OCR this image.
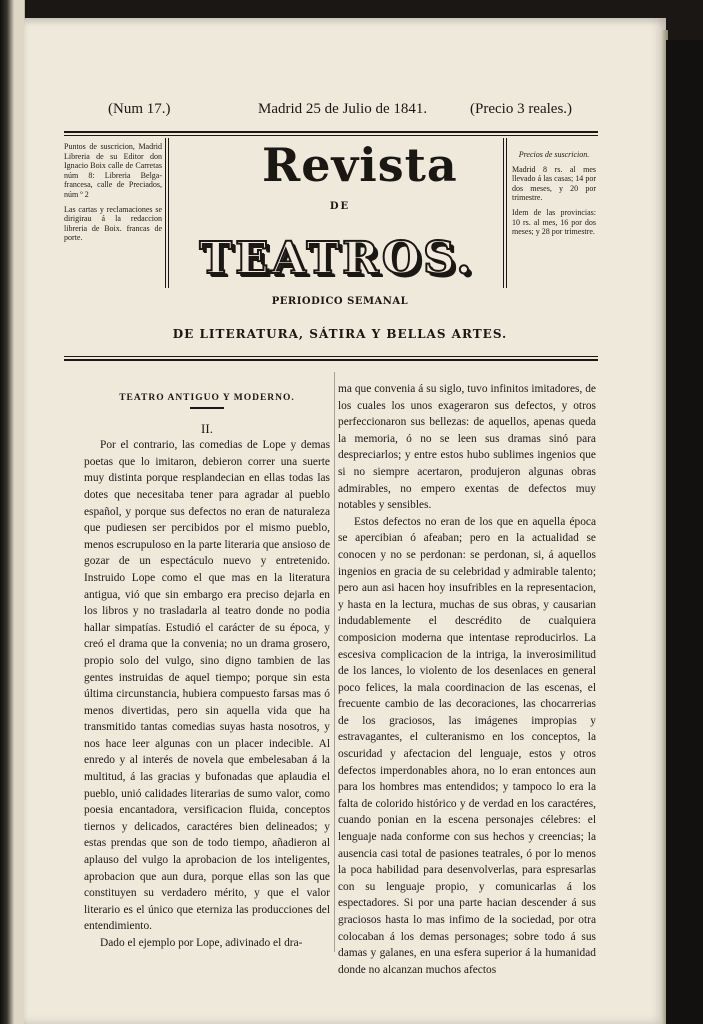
(Num 17.)	Madrid 25 de Julio de 1841.	(Precio 3 reales.)

Puntos de suscricion, Madrid Libreria de su Editor don Ignacio Boix calle de Carretas núm 8: Libreria Belga-francesa, calle de Preciados, núm º 2

Las cartas y reclamaciones se dirigirau á la redaccion libreria de Boix. francas de porte.

Precios de suscricion.

Madrid 8 rs. al mes llevado á las casas; 14 por dos meses, y 20 por trimestre.

Idem de las provincias: 10 rs. al mes, 16 por dos meses; y 28 por trimestre.

Revista
DE
TEATROS.
PERIODICO SEMANAL
DE LITERATURA, SÁTIRA Y BELLAS ARTES.

TEATRO ANTIGUO Y MODERNO.

II.

Por el contrario, las comedias de Lope y demas poetas que lo imitaron, debieron correr una suerte muy distinta porque resplandecian en ellas todas las dotes que necesitaba tener para agradar al pueblo español, y porque sus defectos no eran de naturaleza que pudiesen ser percibidos por el mismo pueblo, menos escrupuloso en la parte literaria que ansioso de gozar de un espectáculo nuevo y entretenido. Instruido Lope como el que mas en la literatura antigua, vió que sin embargo era preciso dejarla en los libros y no trasladarla al teatro donde no podia hallar simpatías. Estudió el carácter de su época, y creó el drama que la convenia; no un drama grosero, propio solo del vulgo, sino digno tambien de las gentes instruidas de aquel tiempo; porque sin esta última circunstancia, hubiera compuesto farsas mas ó menos divertidas, pero sin aquella vida que ha transmitido tantas comedias suyas hasta nosotros, y nos hace leer algunas con un placer indecible. Al enredo y al interés de novela que embelesaban á la multitud, á las gracias y bufonadas que aplaudia el pueblo, unió calidades literarias de sumo valor, como poesia encantadora, versificacion fluida, conceptos tiernos y delicados, caractéres bien delineados; y estas prendas que son de todo tiempo, añadieron al aplauso del vulgo la aprobacion de los inteligentes, aprobacion que aun dura, porque ellas son las que constituyen su verdadero mérito, y que el valor literario es el único que eterniza las producciones del entendimiento.

Dado el ejemplo por Lope, adivinado el dra-

ma que convenia á su siglo, tuvo infinitos imitadores, de los cuales los unos exageraron sus defectos, y otros perfeccionaron sus bellezas: de aquellos, apenas queda la memoria, ó no se leen sus dramas sinó para despreciarlos; y entre estos hubo sublimes ingenios que si no siempre acertaron, produjeron algunas obras admirables, no empero exentas de defectos muy notables y sensibles.

Estos defectos no eran de los que en aquella época se apercibian ó afeaban; pero en la actualidad se conocen y no se perdonan: se perdonan, si, á aquellos ingenios en gracia de su celebridad y admirable talento; pero aun asi hacen hoy insufribles en la representacion, y hasta en la lectura, muchas de sus obras, y causarian indudablemente el descrédito de cualquiera composicion moderna que intentase reproducirlos. La escesiva complicacion de la intriga, la inverosimilitud de los lances, lo violento de los desenlaces en general poco felices, la mala coordinacion de las escenas, el frecuente cambio de las decoraciones, las chocarrerias de los graciosos, las imágenes impropias y estravagantes, el culteranismo en los conceptos, la oscuridad y afectacion del lenguaje, estos y otros defectos imperdonables ahora, no lo eran entonces aun para los hombres mas entendidos; y tampoco lo era la falta de colorido histórico y de verdad en los caractéres, cuando ponian en la escena personajes célebres: el lenguaje nada conforme con sus hechos y creencias; la ausencia casi total de pasiones teatrales, ó por lo menos la poca habilidad para desenvolverlas, para espresarlas con su lenguaje propio, y comunicarlas á los espectadores. Si por una parte hacian descender á sus graciosos hasta lo mas infimo de la sociedad, por otra colocaban á los demas personages; sobre todo á sus damas y galanes, en una esfera superior á la humanidad donde no alcanzan muchos afectos
